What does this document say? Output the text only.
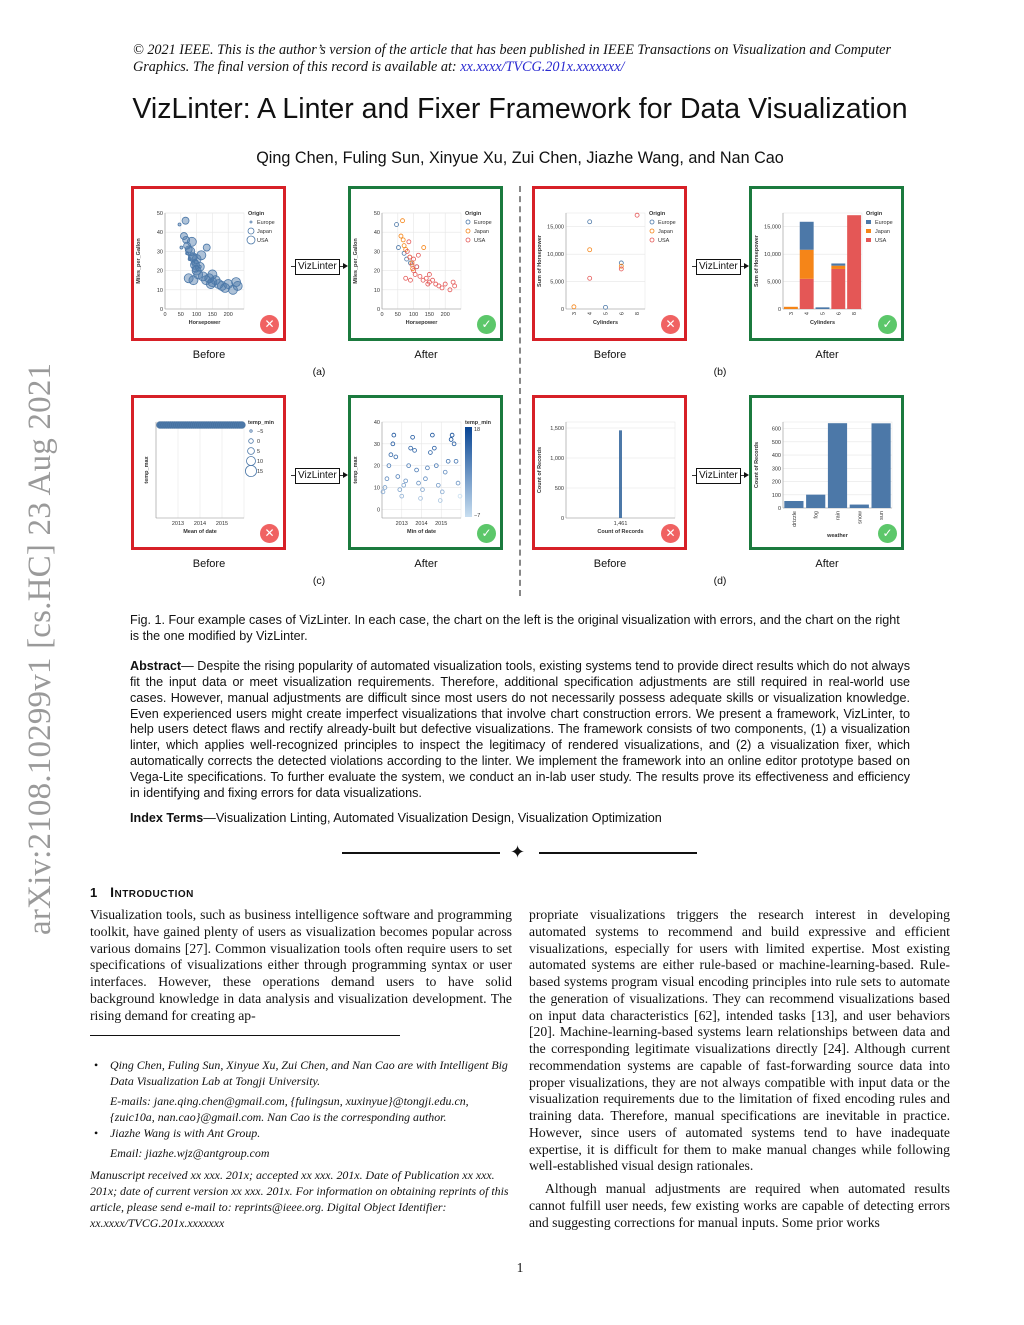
© 2021 IEEE. This is the author’s version of the article that has been published in IEEE Transactions on Visualization and Computer Graphics. The final version of this record is available at: xx.xxxx/TVCG.201x.xxxxxxx/
arXiv:2108.10299v1 [cs.HC] 23 Aug 2021
VizLinter: A Linter and Fixer Framework for Data Visualization
Qing Chen, Fuling Sun, Xinyue Xu, Zui Chen, Jiazhe Wang, and Nan Cao
0
10
20
30
40
50
0 50 100 150 200
Horsepower
Miles_per_Gallon
Origin
Europe
Japan
USA
✕
Before
0
10
20
30
40
50
0 50 100 150 200
Horsepower
Miles_per_Gallon
Origin
Europe
Japan
USA
✓
After
0
5,000
10,000
15,000
3 4 5 6 8
Cylinders
Sum of Horsepower
Origin
Europe
Japan
USA
✕
Before
0
5,000
10,000
15,000
3 4 5 6 8
Cylinders
Sum of Horsepower
Origin
Europe
Japan
USA
✓
After
2013 2014 2015
Mean of date
temp_max
temp_min
−5
0
5
10
15
✕
Before
0
10
20
30
40
2013 2014 2015
Min of date
temp_max
temp_min
18
−7
✓
After
0
500
1,000
1,500
1,461
Count of Records
Count of Records
✕
Before
0
100
200
300
400
500
600
drizzle	fog	rain	snow	sun
weather
Count of Records
✓
After
VizLinter
(a)
VizLinter
(b)
VizLinter
(c)
VizLinter
(d)
Fig. 1. Four example cases of VizLinter. In each case, the chart on the left is the original visualization with errors, and the chart on the right is the one modified by VizLinter.
Abstract— Despite the rising popularity of automated visualization tools, existing systems tend to provide direct results which do not always fit the input data or meet visualization requirements. Therefore, additional specification adjustments are still required in real-world use cases. However, manual adjustments are difficult since most users do not necessarily possess adequate skills or visualization knowledge. Even experienced users might create imperfect visualizations that involve chart construction errors. We present a framework, VizLinter, to help users detect flaws and rectify already-built but defective visualizations. The framework consists of two components, (1) a visualization linter, which applies well-recognized principles to inspect the legitimacy of rendered visualizations, and (2) a visualization fixer, which automatically corrects the detected violations according to the linter. We implement the framework into an online editor prototype based on Vega-Lite specifications. To further evaluate the system, we conduct an in-lab user study. The results prove its effectiveness and efficiency in identifying and fixing errors for data visualizations.
Index Terms—Visualization Linting, Automated Visualization Design, Visualization Optimization
✦
1 Introduction
Visualization tools, such as business intelligence software and programming toolkit, have gained plenty of users as visualization becomes popular across various domains [27]. Common visualization tools often require users to set specifications of visualizations either through programming syntax or user interfaces. However, these operations demand users to have solid background knowledge in data analysis and visualization development. The rising demand for creating ap-

propriate visualizations triggers the research interest in developing automated systems to recommend and build expressive and efficient visualizations, especially for users with limited expertise. Most existing automated systems are either rule-based or machine-learning-based. Rule-based systems program visual encoding principles into rule sets to automate the generation of visualizations. They can recommend visualizations based on input data characteristics [62], intended tasks [13], and user behaviors [20]. Machine-learning-based systems learn relationships between data and the corresponding legitimate visualizations directly [24]. Although current recommendation systems are capable of fast-forwarding source data into proper visualizations, they are not always compatible with input data or the visualization requirements due to the limitation of fixed encoding rules and training data. Therefore, manual specifications are inevitable in practice. However, since users of automated systems tend to have inadequate expertise, it is difficult for them to make manual changes while following well-established visual design rationales.

Although manual adjustments are required when automated results cannot fulfill user needs, few existing works are capable of detecting errors and suggesting corrections for manual inputs. Some prior works

• Qing Chen, Fuling Sun, Xinyue Xu, Zui Chen, and Nan Cao are with Intelligent Big Data Visualization Lab at Tongji University.
E-mails: jane.qing.chen@gmail.com, {fulingsun, xuxinyue}@tongji.edu.cn, {zuic10a, nan.cao}@gmail.com. Nan Cao is the corresponding author.
• Jiazhe Wang is with Ant Group.
Email: jiazhe.wjz@antgroup.com
Manuscript received xx xxx. 201x; accepted xx xxx. 201x. Date of Publication xx xxx. 201x; date of current version xx xxx. 201x. For information on obtaining reprints of this article, please send e-mail to: reprints@ieee.org. Digital Object Identifier: xx.xxxx/TVCG.201x.xxxxxxx
1
